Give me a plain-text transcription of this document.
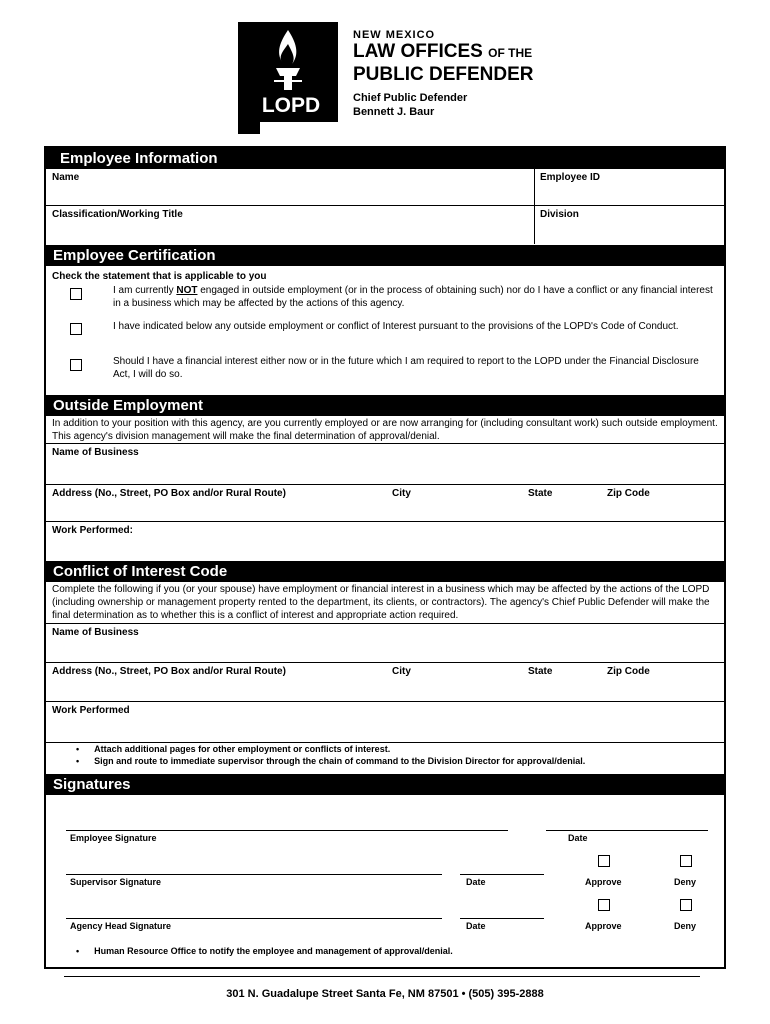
LOPD
NEW MEXICO
LAW OFFICES OF THE
PUBLIC DEFENDER
Chief Public Defender
Bennett J. Baur
Employee Information
Name	Employee ID
Classification/Working Title	Division
Employee Certification
Check the statement that is applicable to you
I am currently NOT engaged in outside employment (or in the process of obtaining such) nor do I have a conflict or any financial interest in a business which may be affected by the actions of this agency.
I have indicated below any outside employment or conflict of Interest pursuant to the provisions of the LOPD's Code of Conduct.
Should I have a financial interest either now or in the future which I am required to report to the LOPD under the Financial Disclosure Act, I will do so.
Outside Employment
In addition to your position with this agency, are you currently employed or are now arranging for (including consultant work) such outside employment. This agency's division management will make the final determination of approval/denial.
Name of Business
Address (No., Street, PO Box and/or Rural Route)	City	State	Zip Code
Work Performed:
Conflict of Interest Code
Complete the following if you (or your spouse) have employment or financial interest in a business which may be affected by the actions of the LOPD (including ownership or management property rented to the department, its clients, or contractors). The agency's Chief Public Defender will make the final determination as to whether this is a conflict of interest and appropriate action required.
Name of Business
Address (No., Street, PO Box and/or Rural Route)	City	State	Zip Code
Work Performed
•      Attach additional pages for other employment or conflicts of interest.
•      Sign and route to immediate supervisor through the chain of command to the Division Director for approval/denial.
Signatures
Employee Signature	Date
Supervisor Signature	Date	Approve	Deny
Agency Head Signature	Date	Approve	Deny
•      Human Resource Office to notify the employee and management of approval/denial.
301 N. Guadalupe Street Santa Fe, NM 87501 • (505) 395-2888
